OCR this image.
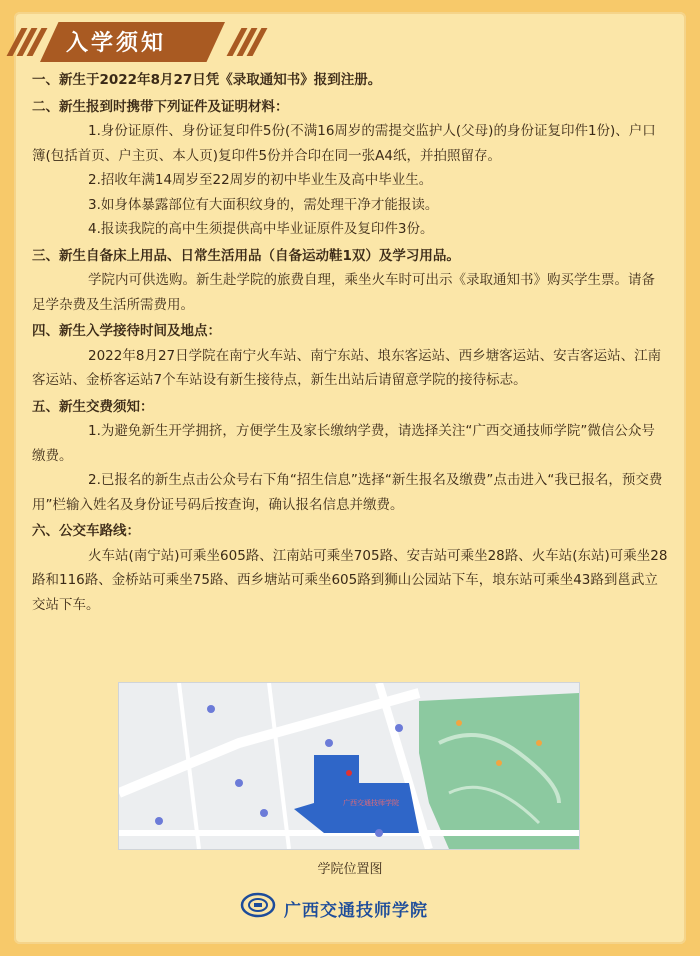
入学须知
一、新生于2022年8月27日凭《录取通知书》报到注册。
二、新生报到时携带下列证件及证明材料：
1.身份证原件、身份证复印件5份(不满16周岁的需提交监护人(父母)的身份证复印件1份)、户口簿(包括首页、户主页、本人页)复印件5份并合印在同一张A4纸，并拍照留存。
2.招收年满14周岁至22周岁的初中毕业生及高中毕业生。
3.如身体暴露部位有大面积纹身的，需处理干净才能报读。
4.报读我院的高中生须提供高中毕业证原件及复印件3份。
三、新生自备床上用品、日常生活用品（自备运动鞋1双）及学习用品。
学院内可供选购。新生赴学院的旅费自理，乘坐火车时可出示《录取通知书》购买学生票。请备足学杂费及生活所需费用。
四、新生入学接待时间及地点：
2022年8月27日学院在南宁火车站、南宁东站、埌东客运站、西乡塘客运站、安吉客运站、江南客运站、金桥客运站7个车站设有新生接待点，新生出站后请留意学院的接待标志。
五、新生交费须知：
1.为避免新生开学拥挤，方便学生及家长缴纳学费，请选择关注“广西交通技师学院”微信公众号缴费。
2.已报名的新生点击公众号右下角“招生信息”选择“新生报名及缴费”点击进入“我已报名，预交费用”栏输入姓名及身份证号码后按查询，确认报名信息并缴费。
六、公交车路线：
火车站(南宁站)可乘坐605路、江南站可乘坐705路、安吉站可乘坐28路、火车站(东站)可乘坐28路和116路、金桥站可乘坐75路、西乡塘站可乘坐605路到狮山公园站下车，埌东站可乘坐43路到邕武立交站下车。
广西交通技师学院
学院位置图
广西交通技师学院
